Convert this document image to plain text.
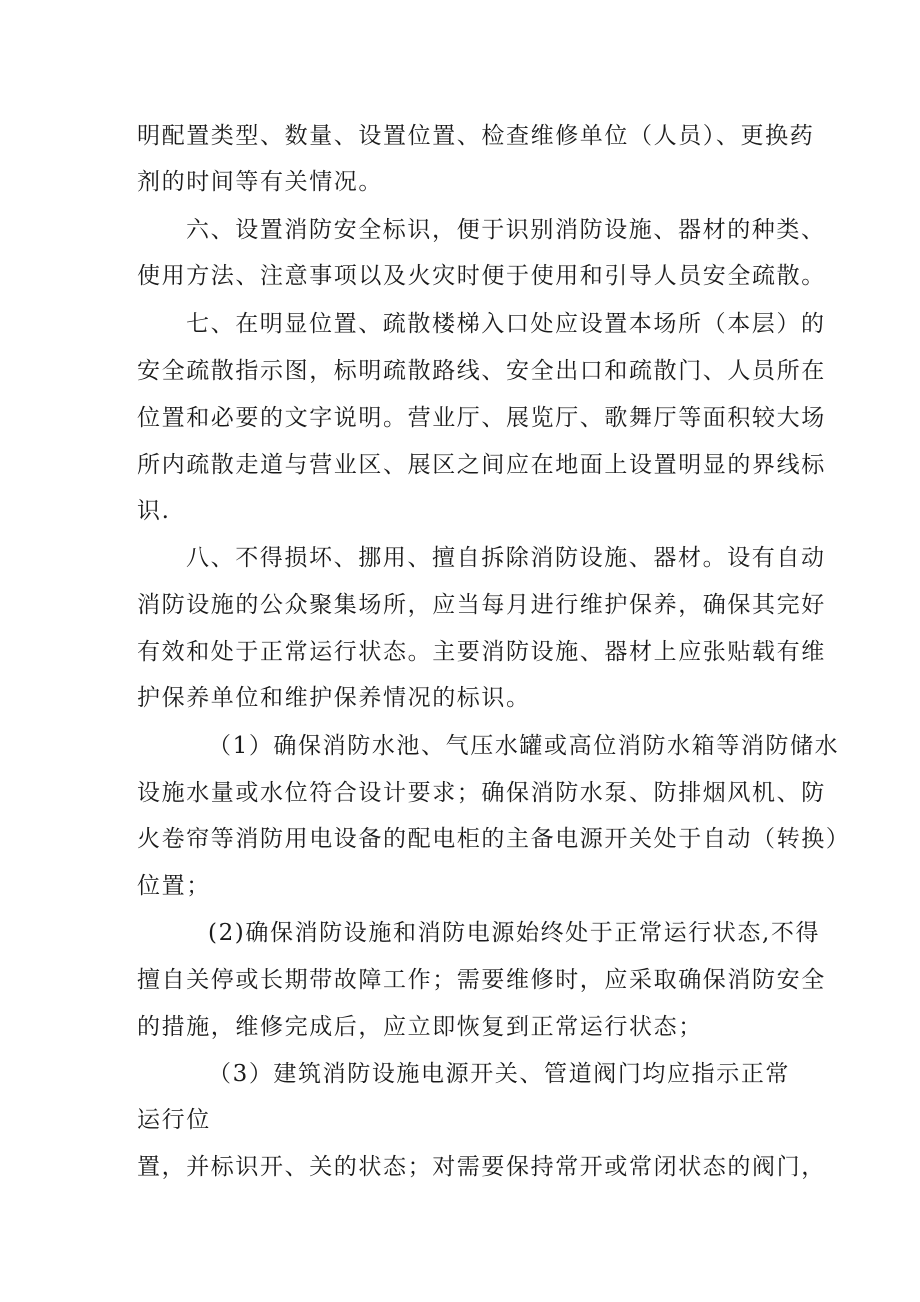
明配置类型、数量、设置位置、检查维修单位（人员）、更换药
剂的时间等有关情况。
六、设置消防安全标识，便于识别消防设施、器材的种类、
使用方法、注意事项以及火灾时便于使用和引导人员安全疏散。
七、在明显位置、疏散楼梯入口处应设置本场所（本层）的
安全疏散指示图，标明疏散路线、安全出口和疏散门、人员所在
位置和必要的文字说明。营业厅、展览厅、歌舞厅等面积较大场
所内疏散走道与营业区、展区之间应在地面上设置明显的界线标
识.
八、不得损坏、挪用、擅自拆除消防设施、器材。设有自动
消防设施的公众聚集场所，应当每月进行维护保养，确保其完好
有效和处于正常运行状态。主要消防设施、器材上应张贴载有维
护保养单位和维护保养情况的标识。
（1）确保消防水池、气压水罐或高位消防水箱等消防储水
设施水量或水位符合设计要求；确保消防水泵、防排烟风机、防
火卷帘等消防用电设备的配电柜的主备电源开关处于自动（转换）
位置；
(2)确保消防设施和消防电源始终处于正常运行状态,不得
擅自关停或长期带故障工作；需要维修时，应采取确保消防安全
的措施，维修完成后，应立即恢复到正常运行状态；
（3）建筑消防设施电源开关、管道阀门均应指示正常
运行位
置，并标识开、关的状态；对需要保持常开或常闭状态的阀门，
